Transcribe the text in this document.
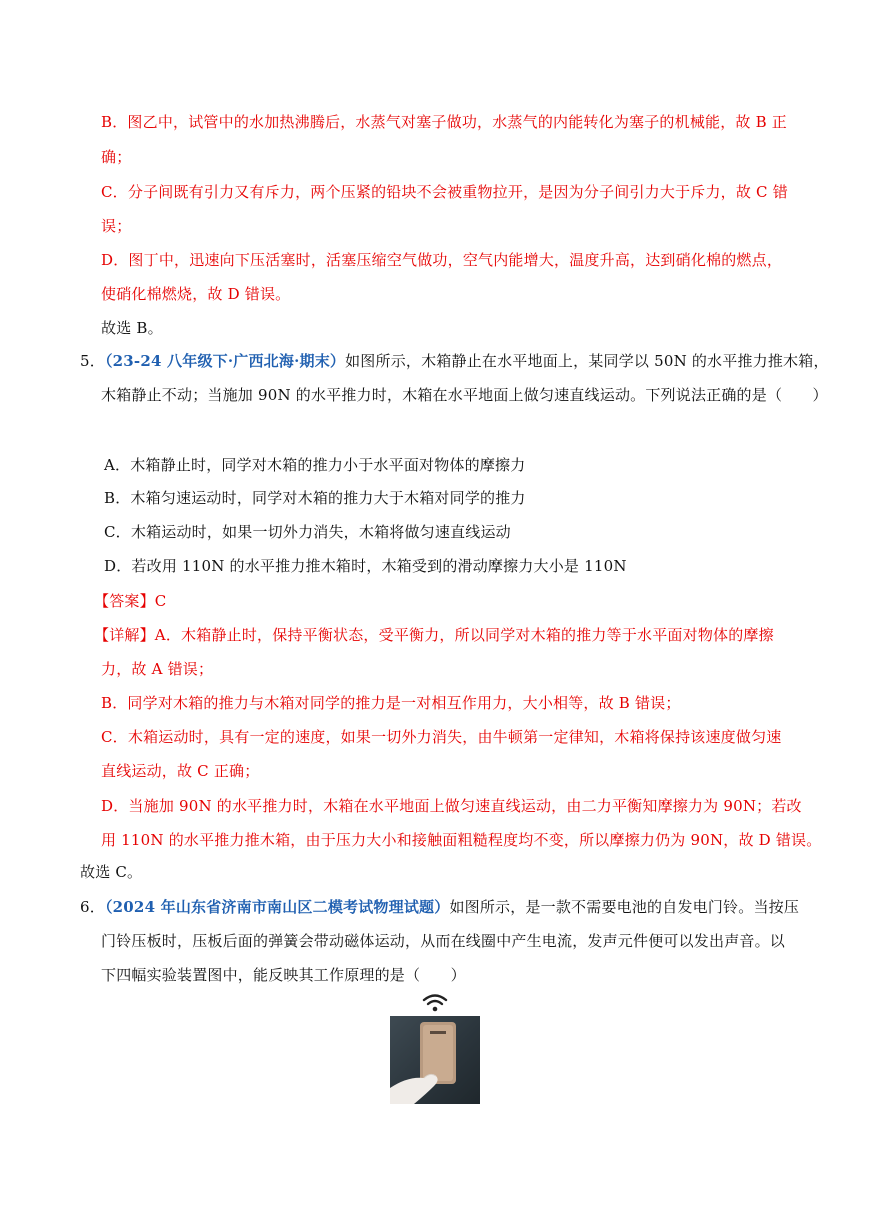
B．图乙中，试管中的水加热沸腾后，水蒸气对塞子做功，水蒸气的内能转化为塞子的机械能，故 B 正
确；
C．分子间既有引力又有斥力，两个压紧的铅块不会被重物拉开，是因为分子间引力大于斥力，故 C 错
误；
D．图丁中，迅速向下压活塞时，活塞压缩空气做功，空气内能增大，温度升高，达到硝化棉的燃点，
使硝化棉燃烧，故 D 错误。
故选 B。
5．（23-24 八年级下·广西北海·期末）如图所示，木箱静止在水平地面上，某同学以 50N 的水平推力推木箱，
木箱静止不动；当施加 90N 的水平推力时，木箱在水平地面上做匀速直线运动。下列说法正确的是（　　）
A．木箱静止时，同学对木箱的推力小于水平面对物体的摩擦力
B．木箱匀速运动时，同学对木箱的推力大于木箱对同学的推力
C．木箱运动时，如果一切外力消失，木箱将做匀速直线运动
D．若改用 110N 的水平推力推木箱时，木箱受到的滑动摩擦力大小是 110N
【答案】C
【详解】A．木箱静止时，保持平衡状态，受平衡力，所以同学对木箱的推力等于水平面对物体的摩擦
力，故 A 错误；
B．同学对木箱的推力与木箱对同学的推力是一对相互作用力，大小相等，故 B 错误；
C．木箱运动时，具有一定的速度，如果一切外力消失，由牛顿第一定律知，木箱将保持该速度做匀速
直线运动，故 C 正确；
D．当施加 90N 的水平推力时，木箱在水平地面上做匀速直线运动，由二力平衡知摩擦力为 90N；若改
用 110N 的水平推力推木箱，由于压力大小和接触面粗糙程度均不变，所以摩擦力仍为 90N，故 D 错误。
故选 C。
6．（2024 年山东省济南市南山区二模考试物理试题）如图所示，是一款不需要电池的自发电门铃。当按压
门铃压板时，压板后面的弹簧会带动磁体运动，从而在线圈中产生电流，发声元件便可以发出声音。以
下四幅实验装置图中，能反映其工作原理的是（　　）
